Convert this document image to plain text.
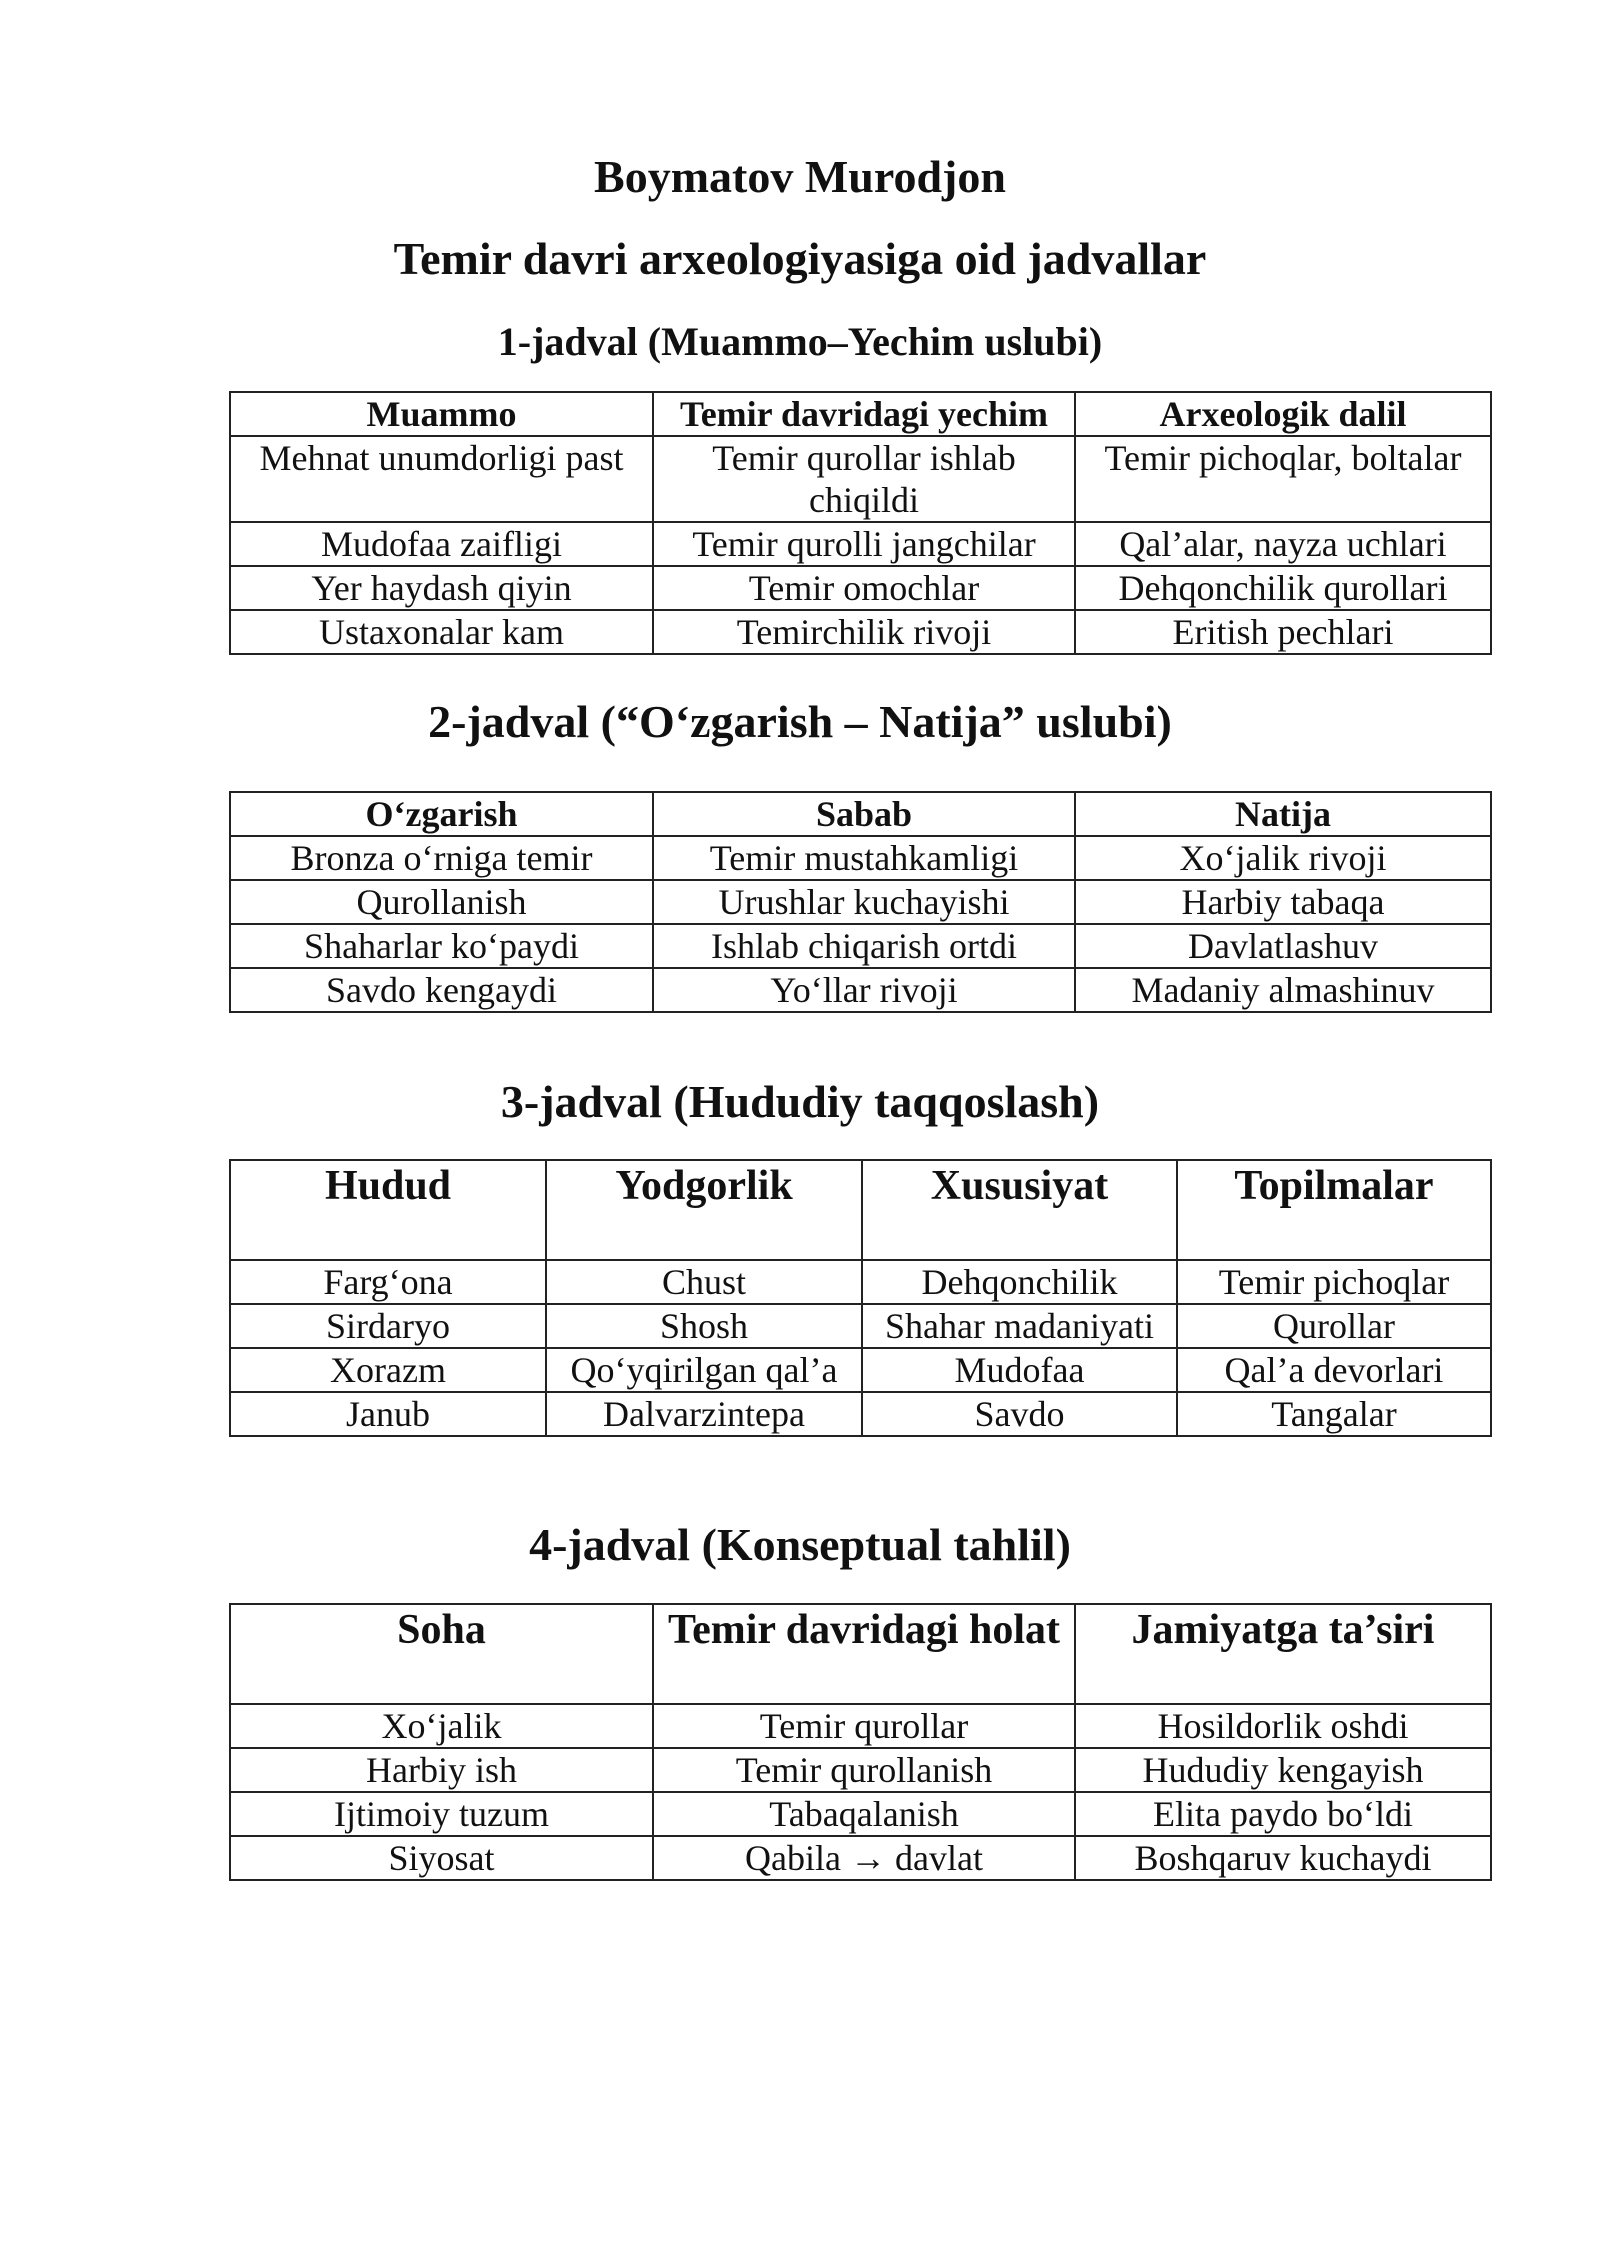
Boymatov Murodjon
Temir davri arxeologiyasiga oid jadvallar
1-jadval (Muammo–Yechim uslubi)
Muammo	Temir davridagi yechim	Arxeologik dalil
Mehnat unumdorligi past	Temir qurollar ishlab chiqildi	Temir pichoqlar, boltalar
Mudofaa zaifligi	Temir qurolli jangchilar	Qal’alar, nayza uchlari
Yer haydash qiyin	Temir omochlar	Dehqonchilik qurollari
Ustaxonalar kam	Temirchilik rivoji	Eritish pechlari
2-jadval (“O‘zgarish – Natija” uslubi)
O‘zgarish	Sabab	Natija
Bronza o‘rniga temir	Temir mustahkamligi	Xo‘jalik rivoji
Qurollanish	Urushlar kuchayishi	Harbiy tabaqa
Shaharlar ko‘paydi	Ishlab chiqarish ortdi	Davlatlashuv
Savdo kengaydi	Yo‘llar rivoji	Madaniy almashinuv
3-jadval (Hududiy taqqoslash)
Hudud	Yodgorlik	Xususiyat	Topilmalar
Farg‘ona	Chust	Dehqonchilik	Temir pichoqlar
Sirdaryo	Shosh	Shahar madaniyati	Qurollar
Xorazm	Qo‘yqirilgan qal’a	Mudofaa	Qal’a devorlari
Janub	Dalvarzintepa	Savdo	Tangalar
4-jadval (Konseptual tahlil)
Soha	Temir davridagi holat	Jamiyatga ta’siri
Xo‘jalik	Temir qurollar	Hosildorlik oshdi
Harbiy ish	Temir qurollanish	Hududiy kengayish
Ijtimoiy tuzum	Tabaqalanish	Elita paydo bo‘ldi
Siyosat	Qabila → davlat	Boshqaruv kuchaydi
